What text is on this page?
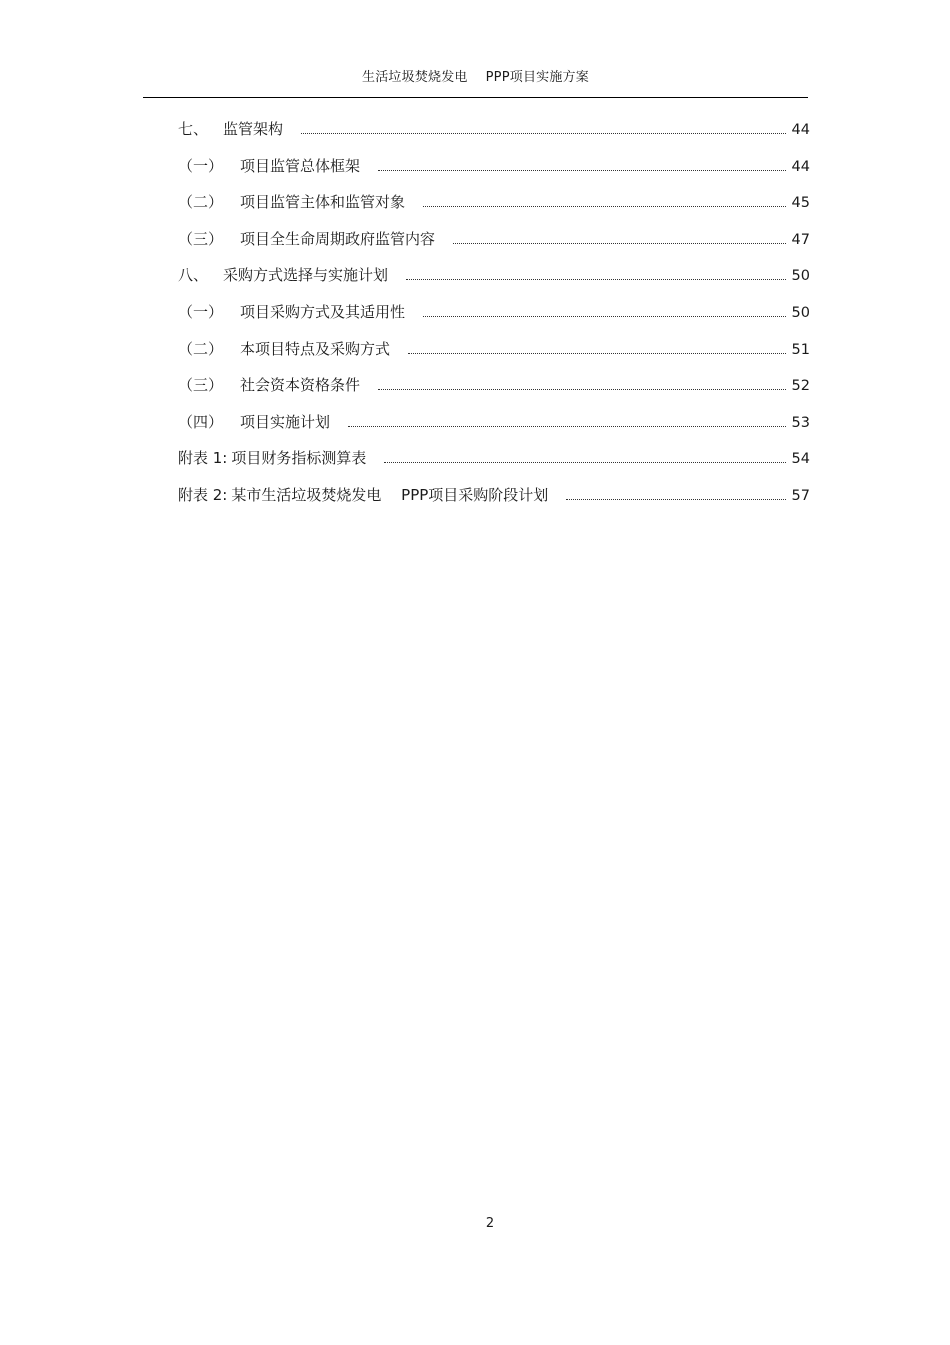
生活垃圾焚烧发电 PPP项目实施方案
七、 监管架构	44
（一）	项目监管总体框架	44
（二）	项目监管主体和监管对象	45
（三）	项目全生命周期政府监管内容	47
八、 采购方式选择与实施计划	50
（一）	项目采购方式及其适用性	50
（二）	本项目特点及采购方式	51
（三）	社会资本资格条件	52
（四）	项目实施计划	53
附表 1: 项目财务指标测算表	54
附表 2: 某市生活垃圾焚烧发电　 PPP项目采购阶段计划	57
2
